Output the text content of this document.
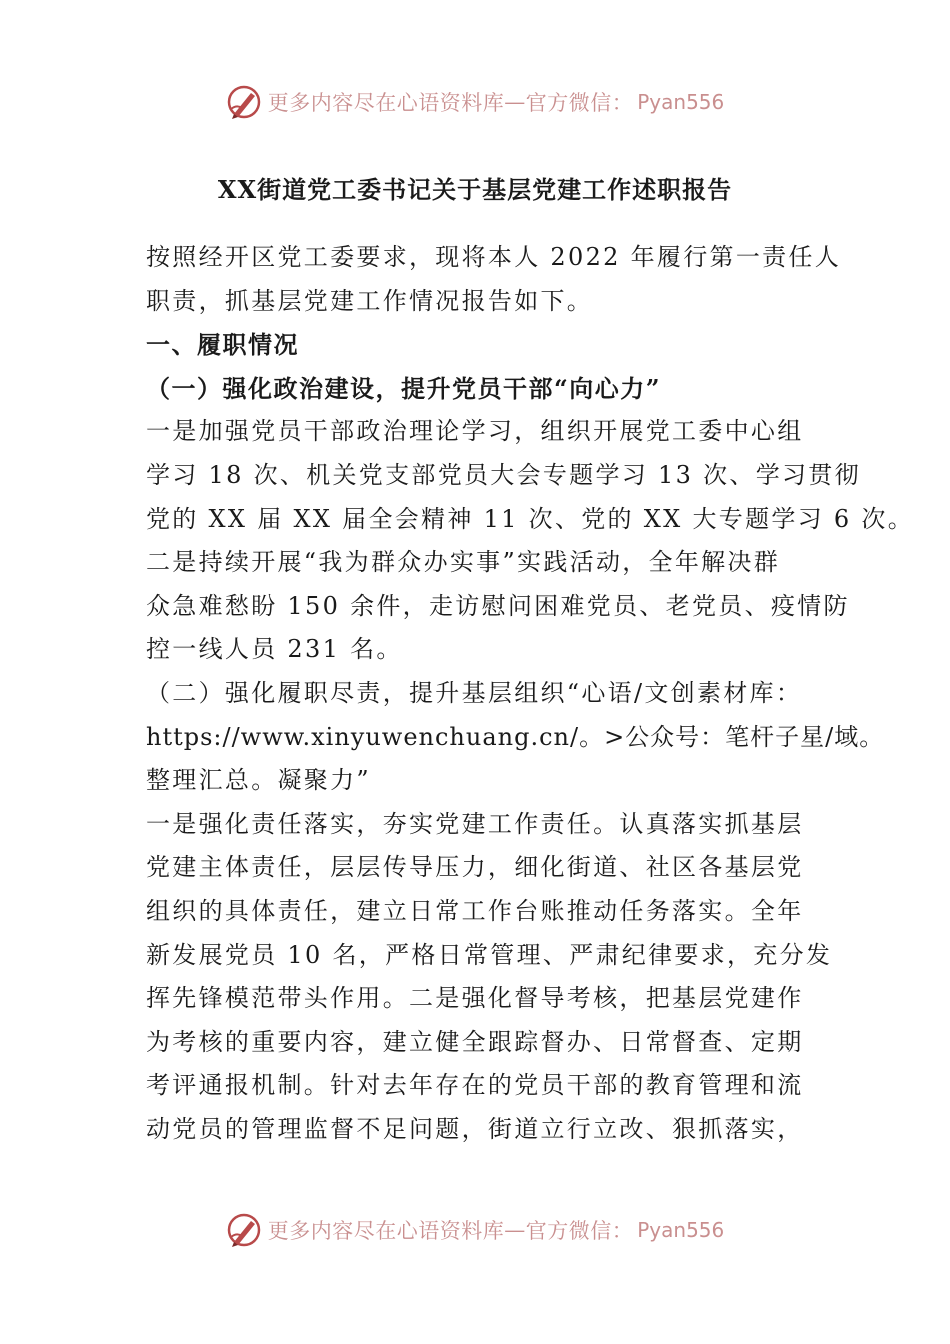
更多内容尽在心语资料库 — 官方微信： Pyan556
XX街道党工委书记关于基层党建工作述职报告
按照经开区党工委要求，现将本人 2022 年履行第一责任人
职责，抓基层党建工作情况报告如下。
一、履职情况
（一）强化政治建设，提升党员干部“向心力”
一是加强党员干部政治理论学习，组织开展党工委中心组
学习 18 次、机关党支部党员大会专题学习 13 次、学习贯彻
党的 XX 届 XX 届全会精神 11 次、党的 XX 大专题学习 6 次。
二是持续开展“我为群众办实事”实践活动，全年解决群
众急难愁盼 150 余件，走访慰问困难党员、老党员、疫情防
控一线人员 231 名。
（二）强化履职尽责，提升基层组织“心语/文创素材库：
https://www.xinyuwenchuang.cn/。>公众号：笔杆子星/域。
整理汇总。凝聚力”
一是强化责任落实，夯实党建工作责任。认真落实抓基层
党建主体责任，层层传导压力，细化街道、社区各基层党
组织的具体责任，建立日常工作台账推动任务落实。全年
新发展党员 10 名，严格日常管理、严肃纪律要求，充分发
挥先锋模范带头作用。二是强化督导考核，把基层党建作
为考核的重要内容，建立健全跟踪督办、日常督查、定期
考评通报机制。针对去年存在的党员干部的教育管理和流
动党员的管理监督不足问题，街道立行立改、狠抓落实，
更多内容尽在心语资料库 — 官方微信： Pyan556
